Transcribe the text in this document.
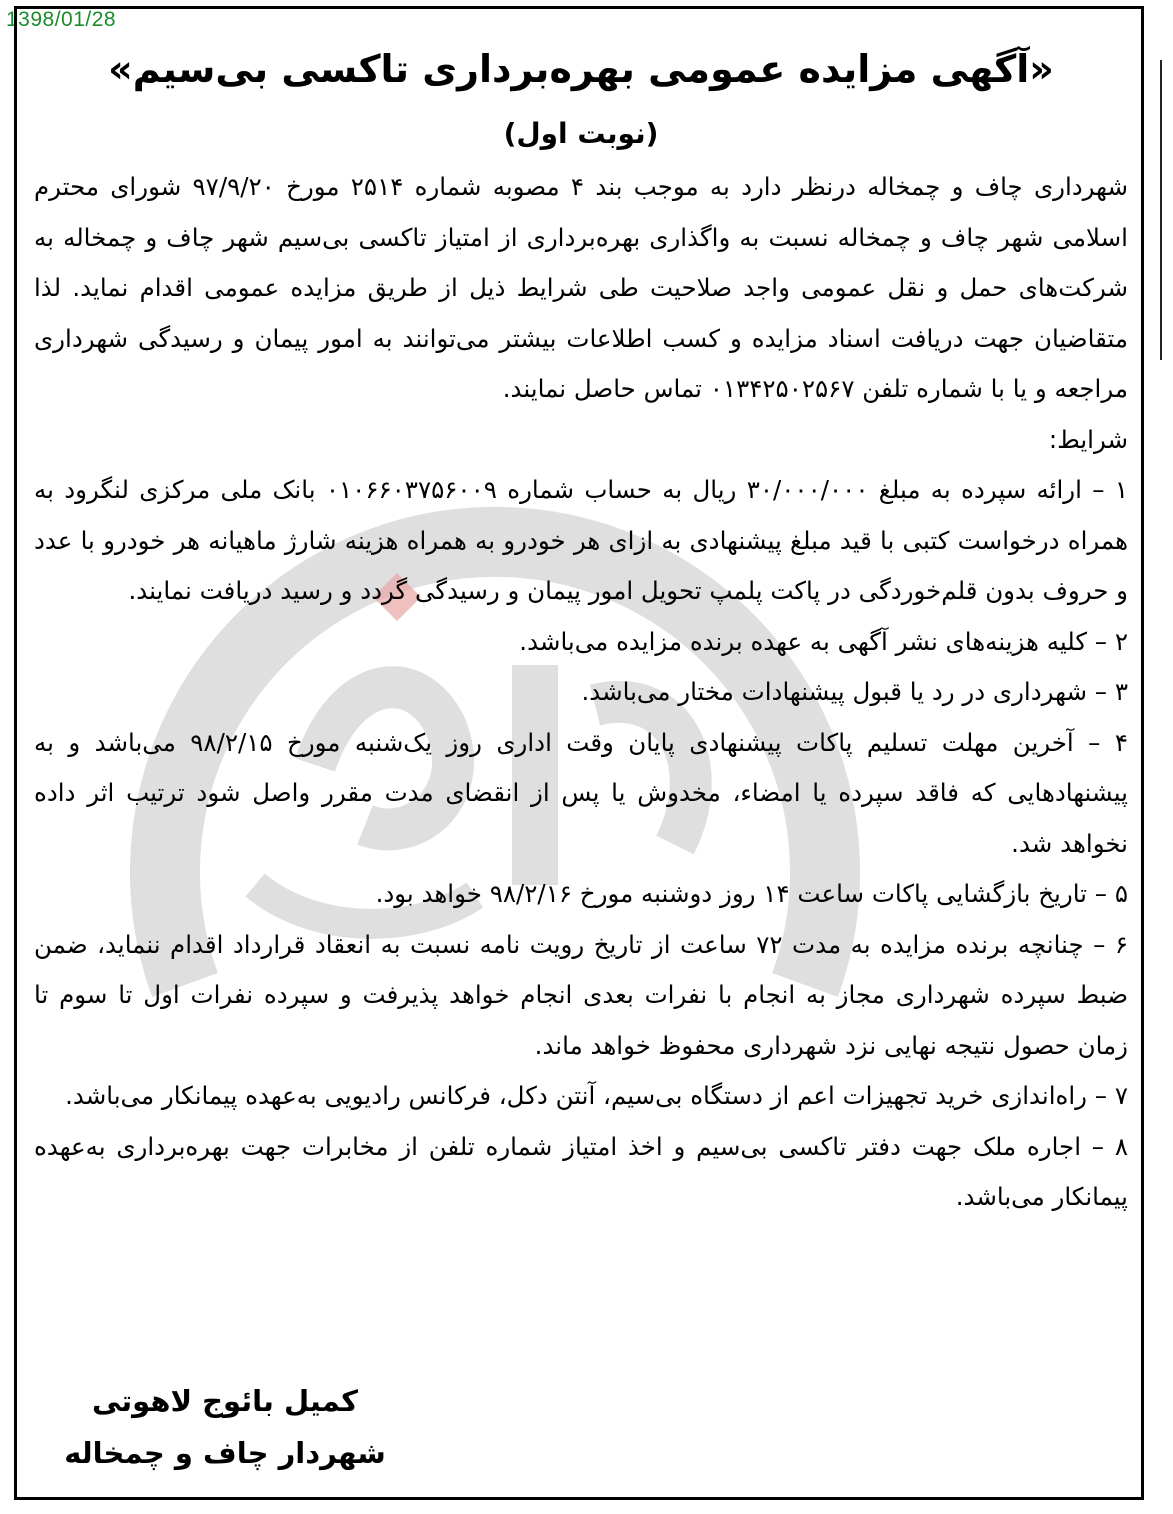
1398/01/28
«آگهی مزایده عمومی بهره‌برداری تاکسی بی‌سیم»
(نوبت اول)

شهرداری چاف و چمخاله درنظر دارد به موجب بند ۴ مصوبه شماره ۲۵۱۴ مورخ ۹۷/۹/۲۰ شورای محترم اسلامی شهر چاف و چمخاله نسبت به واگذاری بهره‌برداری از امتیاز تاکسی بی‌سیم شهر چاف و چمخاله به شرکت‌های حمل و نقل عمومی واجد صلاحیت طی شرایط ذیل از طریق مزایده عمومی اقدام نماید. لذا متقاضیان جهت دریافت اسناد مزایده و کسب اطلاعات بیشتر می‌توانند به امور پیمان و رسیدگی شهرداری مراجعه و یا با شماره تلفن ۰۱۳۴۲۵۰۲۵۶۷ تماس حاصل نمایند.

شرایط:

۱ – ارائه سپرده به مبلغ ۳۰/۰۰۰/۰۰۰ ریال به حساب شماره ۰۱۰۶۶۰۳۷۵۶۰۰۹ بانک ملی مرکزی لنگرود به همراه درخواست کتبی با قید مبلغ پیشنهادی به ازای هر خودرو به همراه هزینه شارژ ماهیانه هر خودرو با عدد و حروف بدون قلم‌خوردگی در پاکت پلمپ تحویل امور پیمان و رسیدگی گردد و رسید دریافت نمایند.

۲ – کلیه هزینه‌های نشر آگهی به عهده برنده مزایده می‌باشد.

۳ – شهرداری در رد یا قبول پیشنهادات مختار می‌باشد.

۴ – آخرین مهلت تسلیم پاکات پیشنهادی پایان وقت اداری روز یک‌شنبه مورخ ۹۸/۲/۱۵ می‌باشد و به پیشنهادهایی که فاقد سپرده یا امضاء، مخدوش یا پس از انقضای مدت مقرر واصل شود ترتیب اثر داده نخواهد شد.

۵ – تاریخ بازگشایی پاکات ساعت ۱۴ روز دوشنبه مورخ ۹۸/۲/۱۶ خواهد بود.

۶ – چنانچه برنده مزایده به مدت ۷۲ ساعت از تاریخ رویت نامه نسبت به انعقاد قرارداد اقدام ننماید، ضمن ضبط سپرده شهرداری مجاز به انجام با نفرات بعدی انجام خواهد پذیرفت و سپرده نفرات اول تا سوم تا زمان حصول نتیجه نهایی نزد شهرداری محفوظ خواهد ماند.

۷ – راه‌اندازی خرید تجهیزات اعم از دستگاه بی‌سیم، آنتن دکل، فرکانس رادیویی به‌عهده پیمانکار می‌باشد.

۸ – اجاره ملک جهت دفتر تاکسی بی‌سیم و اخذ امتیاز شماره تلفن از مخابرات جهت بهره‌برداری به‌عهده پیمانکار می‌باشد.

کمیل بائوج لاهوتی
شهردار چاف و چمخاله
